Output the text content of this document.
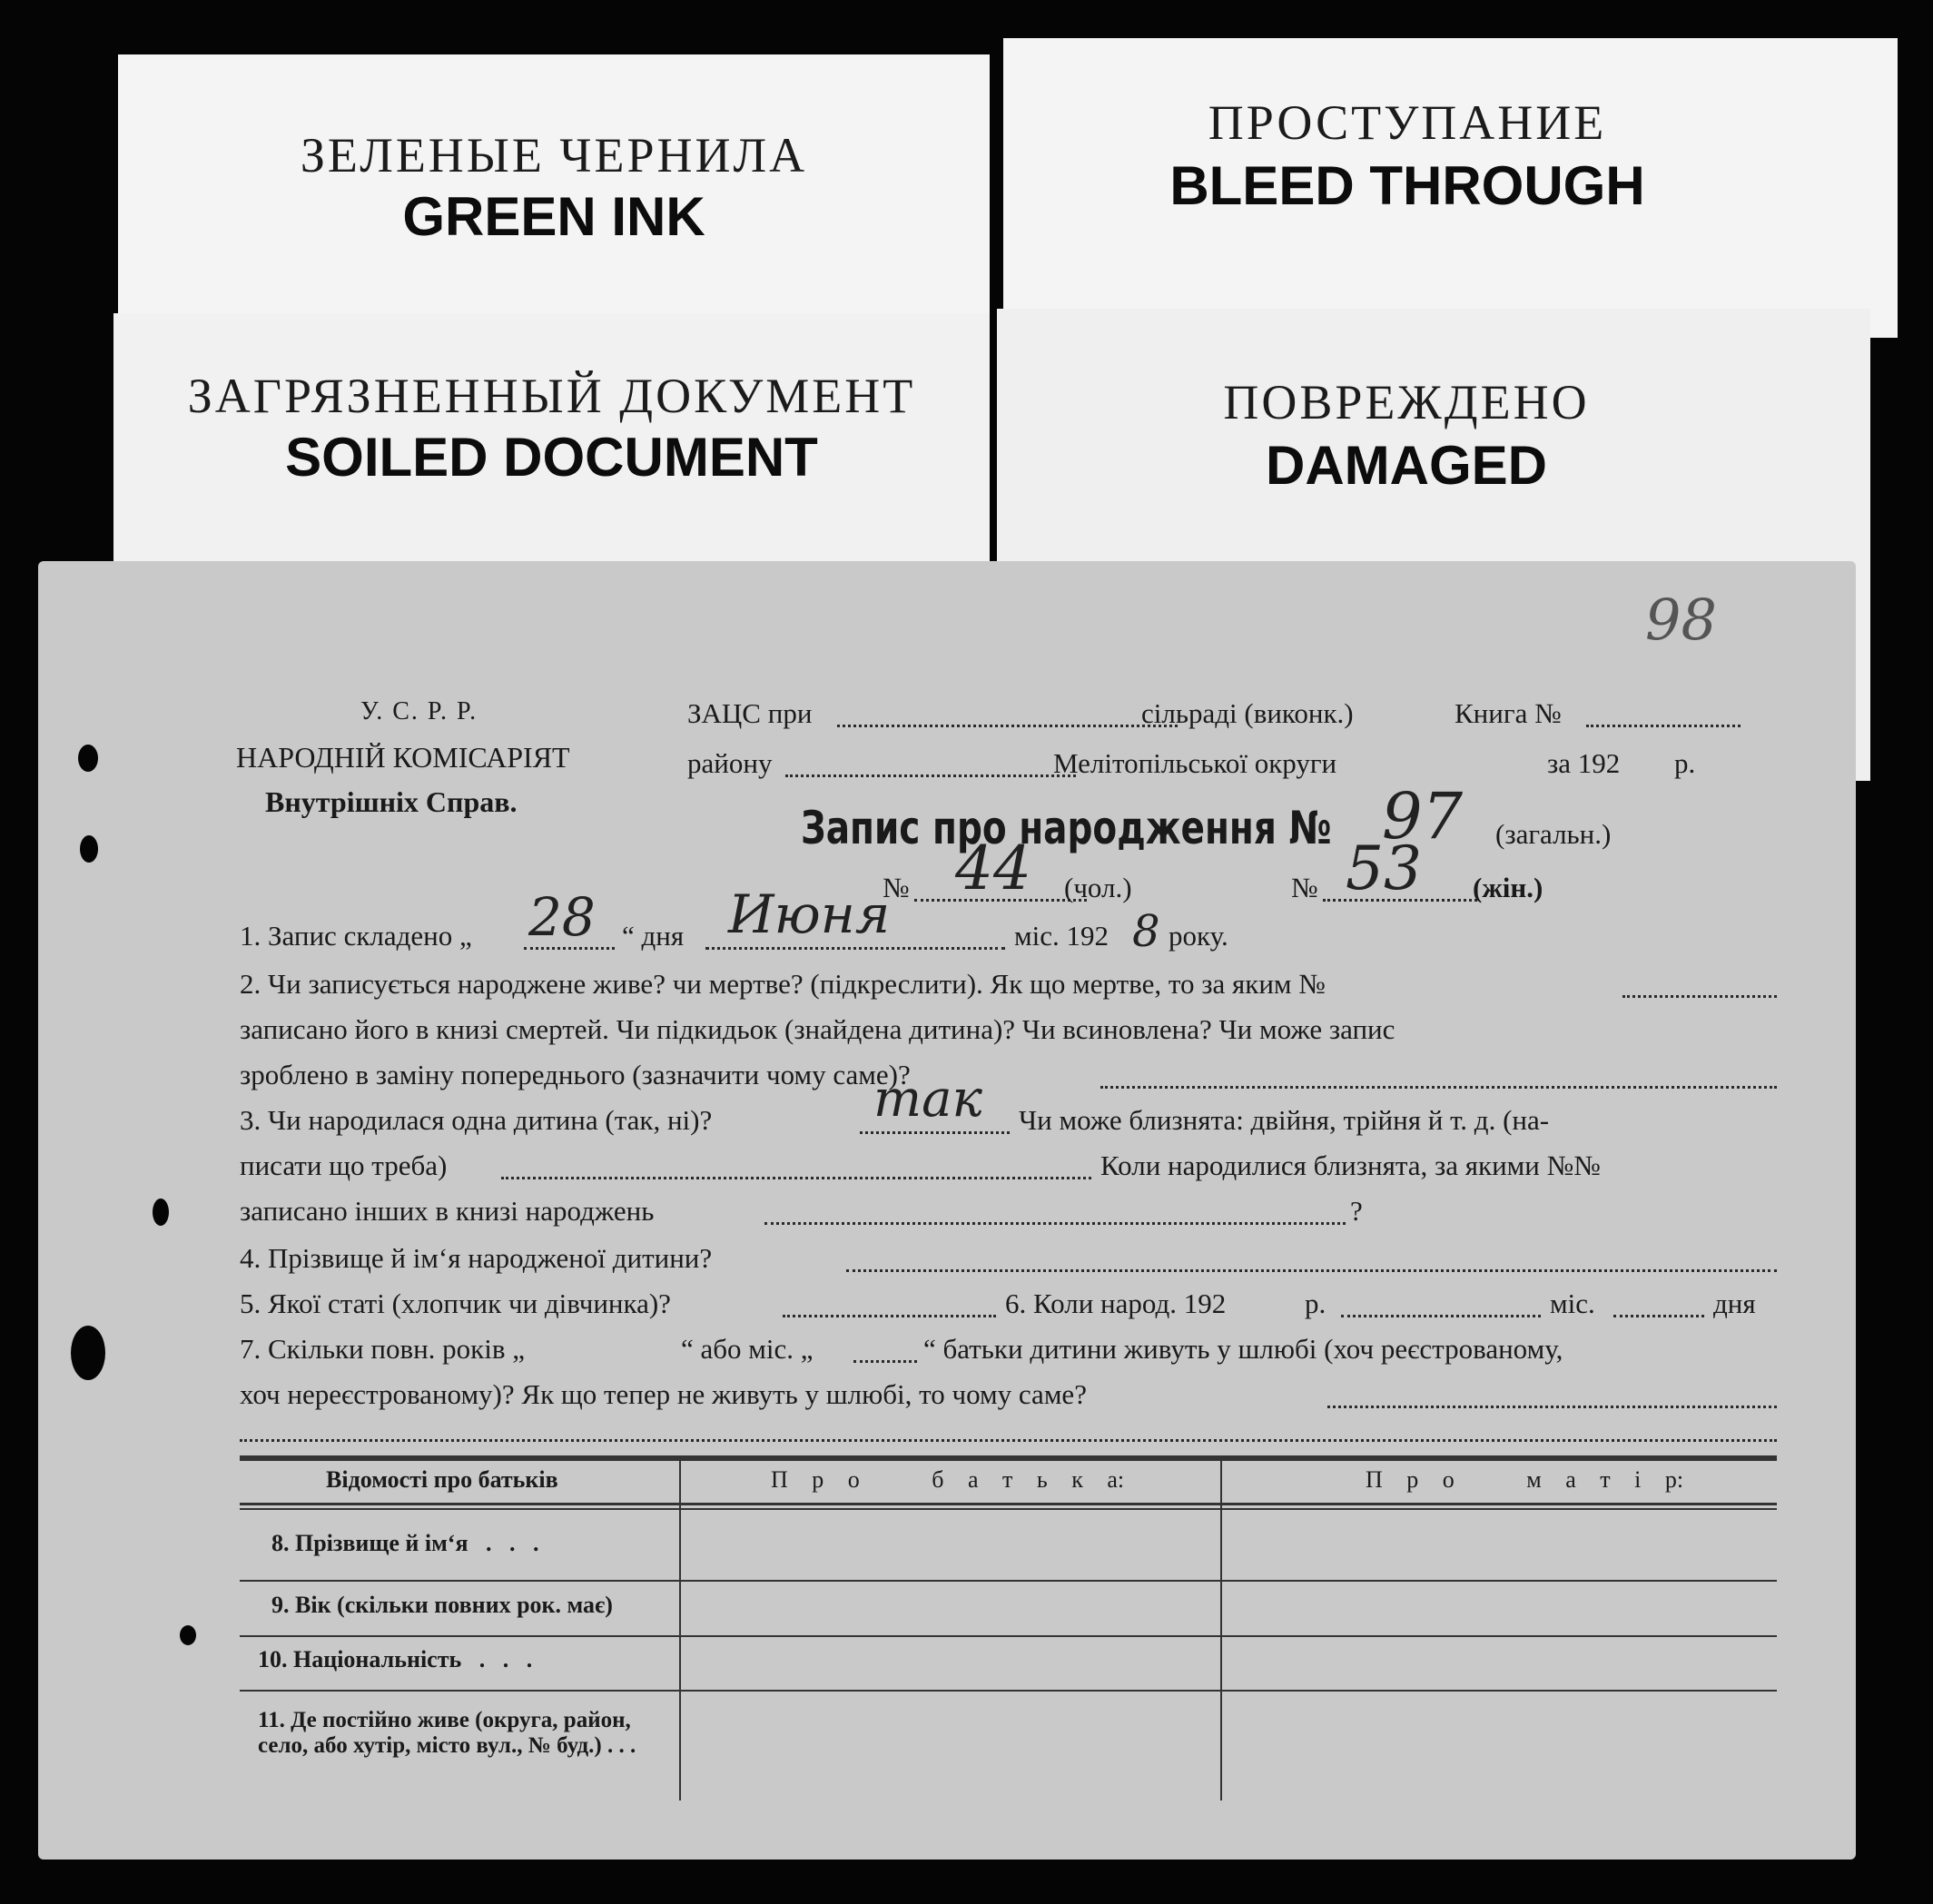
ЗЕЛЕНЫЕ ЧЕРНИЛА
GREEN INK
ПРОСТУПАНИЕ
BLEED THROUGH
ЗАГРЯЗНЕННЫЙ ДОКУМЕНТ
SOILED DOCUMENT
ПОВРЕЖДЕНО
DAMAGED
98
У. С. Р. Р.
НАРОДНІЙ КОМІСАРІЯТ
Внутрішніх Справ.
ЗАЦС при	сільраді (виконк.)	Книга №
району	Мелітопільської округи	за 192 р.
Запис про народження № 97 (загальн.)
№ 44 (чол.)	№ 53 (жін.)
1. Запис складено „ 28 “ дня Июня	міс. 192 8 року.
2. Чи записується народжене живе? чи мертве? (підкреслити). Як що мертве, то за яким №
записано його в книзі смертей. Чи підкидьок (знайдена дитина)? Чи всиновлена? Чи може запис
зроблено в заміну попереднього (зазначити чому саме)?
3. Чи народилася одна дитина (так, ні)?	так Чи може близнята: двійня, трійня й т. д. (на-
писати що треба)	Коли народилися близнята, за якими №№
записано інших в книзі народжень	?
4. Прізвище й ім‘я народженої дитини?
5. Якої статі (хлопчик чи дівчинка)?	6. Коли народ. 192	р.	міс.	дня
7. Скільки повн. років „	“ або міс. „	“ батьки дитини живуть у шлюбі (хоч реєстрованому,
хоч нереєстрованому)? Як що тепер не живуть у шлюбі, то чому саме?
Відомості про батьків	П р о   б а т ь к а:	П р о   м а т і р:
8. Прізвище й ім‘я   .   .   .
9. Вік (скільки повних рок. має)
10. Національність   .   .   .
11. Де постійно живе (округа, район, село, або хутір, місто вул., № буд.) . . .
